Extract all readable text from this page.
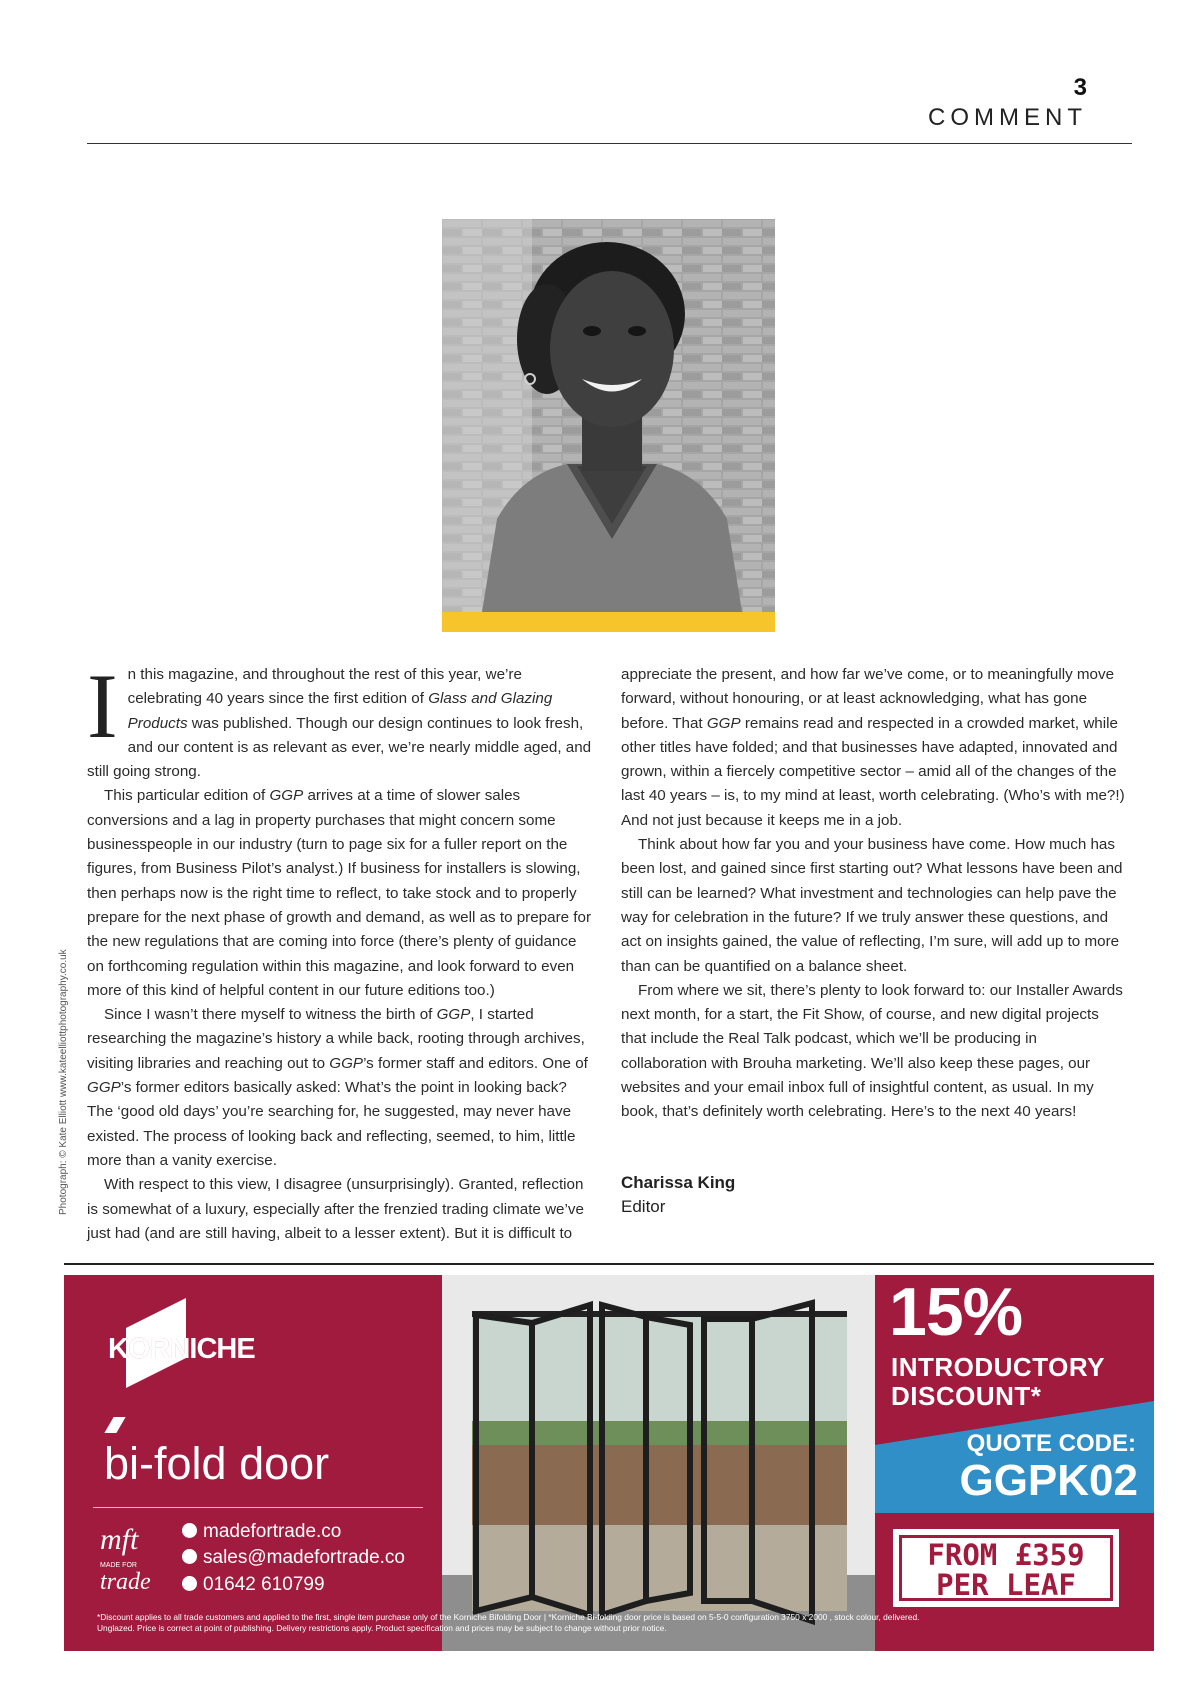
3
COMMENT

In this magazine, and throughout the rest of this year, we’re celebrating 40 years since the first edition of Glass and Glazing Products was published. Though our design continues to look fresh, and our content is as relevant as ever, we’re nearly middle aged, and still going strong.

This particular edition of GGP arrives at a time of slower sales conversions and a lag in property purchases that might concern some businesspeople in our industry (turn to page six for a fuller report on the figures, from Business Pilot’s analyst.) If business for installers is slowing, then perhaps now is the right time to reflect, to take stock and to properly prepare for the next phase of growth and demand, as well as to prepare for the new regulations that are coming into force (there’s plenty of guidance on forthcoming regulation within this magazine, and look forward to even more of this kind of helpful content in our future editions too.)

Since I wasn’t there myself to witness the birth of GGP, I started researching the magazine’s history a while back, rooting through archives, visiting libraries and reaching out to GGP’s former staff and editors. One of GGP’s former editors basically asked: What’s the point in looking back? The ‘good old days’ you’re searching for, he suggested, may never have existed. The process of looking back and reflecting, seemed, to him, little more than a vanity exercise.

With respect to this view, I disagree (unsurprisingly). Granted, reflection is somewhat of a luxury, especially after the frenzied trading climate we’ve just had (and are still having, albeit to a lesser extent). But it is difficult to

appreciate the present, and how far we’ve come, or to meaningfully move forward, without honouring, or at least acknowledging, what has gone before. That GGP remains read and respected in a crowded market, while other titles have folded; and that businesses have adapted, innovated and grown, within a fiercely competitive sector – amid all of the changes of the last 40 years – is, to my mind at least, worth celebrating. (Who’s with me?!) And not just because it keeps me in a job.

Think about how far you and your business have come. How much has been lost, and gained since first starting out? What lessons have been and still can be learned? What investment and technologies can help pave the way for celebration in the future? If we truly answer these questions, and act on insights gained, the value of reflecting, I’m sure, will add up to more than can be quantified on a balance sheet.

From where we sit, there’s plenty to look forward to: our Installer Awards next month, for a start, the Fit Show, of course, and new digital projects that include the Real Talk podcast, which we’ll be producing in collaboration with Brouha marketing. We’ll also keep these pages, our websites and your email inbox full of insightful content, as usual. In my book, that’s definitely worth celebrating. Here’s to the next 40 years!

Charissa King
Editor
Photograph: © Kate Elliott www.kateelliottphotography.co.uk
KORNICHE
bi-fold door
mft
MADE FOR
trade
madefortrade.co
sales@madefortrade.co
01642 610799
15%
INTRODUCTORY
DISCOUNT*
QUOTE CODE:
GGPK02
FROM £359
PER LEAF
*Discount applies to all trade customers and applied to the first, single item purchase only of the Korniche Bifolding Door | *Korniche Bi-folding door price is based on 5-5-0 configuration 3750 x 2000 , stock colour, delivered. Unglazed. Price is correct at point of publishing. Delivery restrictions apply. Product specification and prices may be subject to change without prior notice.
